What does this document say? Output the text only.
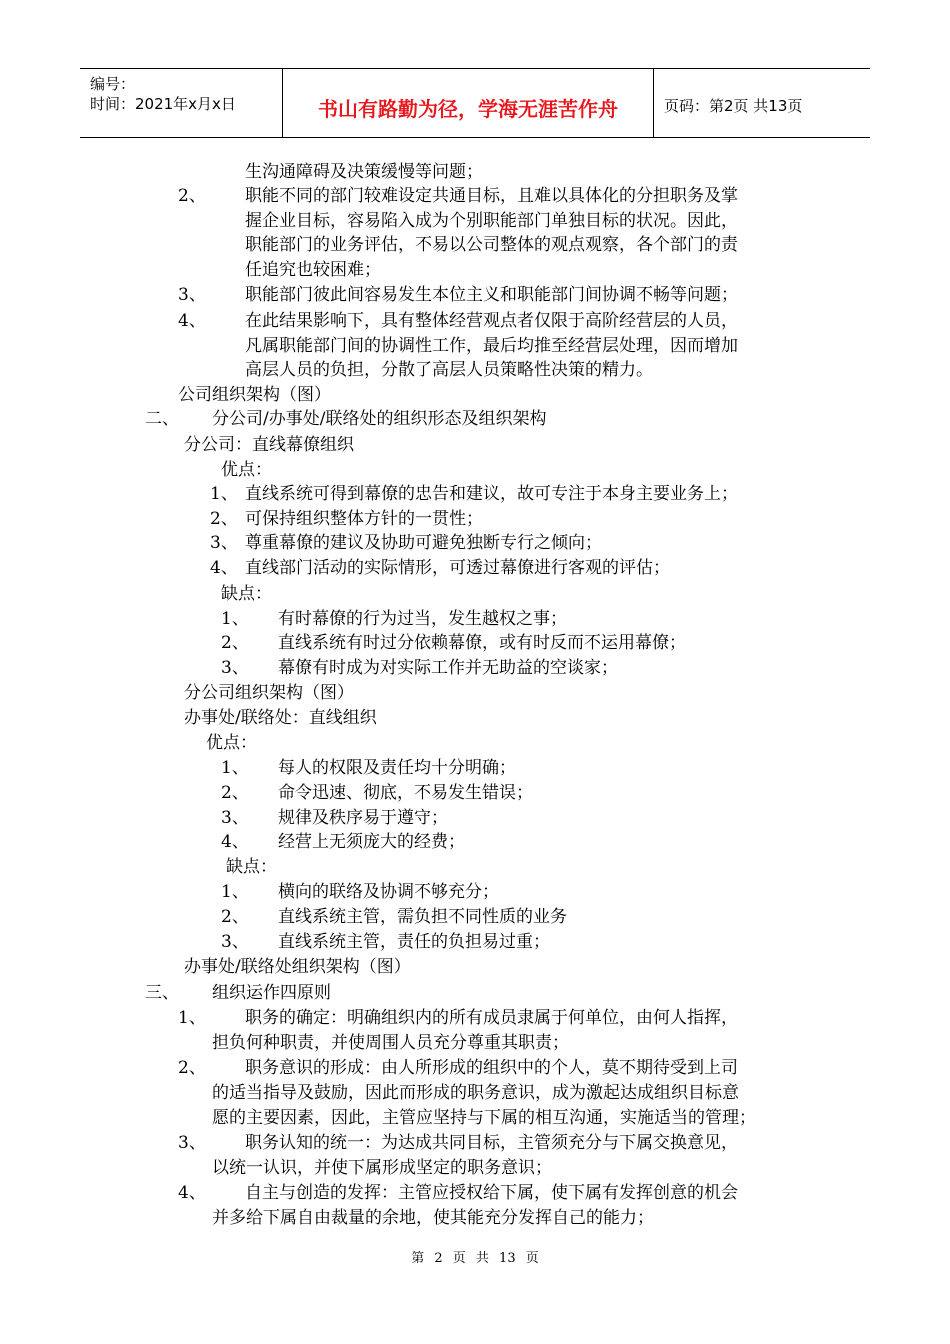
编号：
时间：2021年x月x日	书山有路勤为径，学海无涯苦作舟	页码：第2页 共13页
生沟通障碍及决策缓慢等问题；
2、 职能不同的部门较难设定共通目标，且难以具体化的分担职务及掌
握企业目标，容易陷入成为个别职能部门单独目标的状况。因此，
职能部门的业务评估，不易以公司整体的观点观察，各个部门的责
任追究也较困难；
3、 职能部门彼此间容易发生本位主义和职能部门间协调不畅等问题；
4、 在此结果影响下，具有整体经营观点者仅限于高阶经营层的人员，
凡属职能部门间的协调性工作，最后均推至经营层处理，因而增加
高层人员的负担，分散了高层人员策略性决策的精力。
公司组织架构（图）
二、 分公司/办事处/联络处的组织形态及组织架构
分公司：直线幕僚组织
优点：
1、 直线系统可得到幕僚的忠告和建议，故可专注于本身主要业务上；
2、 可保持组织整体方针的一贯性；
3、 尊重幕僚的建议及协助可避免独断专行之倾向；
4、 直线部门活动的实际情形，可透过幕僚进行客观的评估；
缺点：
1、 有时幕僚的行为过当，发生越权之事；
2、 直线系统有时过分依赖幕僚，或有时反而不运用幕僚；
3、 幕僚有时成为对实际工作并无助益的空谈家；
分公司组织架构（图）
办事处/联络处：直线组织
优点：
1、 每人的权限及责任均十分明确；
2、 命令迅速、彻底，不易发生错误；
3、 规律及秩序易于遵守；
4、 经营上无须庞大的经费；
缺点：
1、 横向的联络及协调不够充分；
2、 直线系统主管，需负担不同性质的业务
3、 直线系统主管，责任的负担易过重；
办事处/联络处组织架构（图）
三、 组织运作四原则
1、 职务的确定：明确组织内的所有成员隶属于何单位，由何人指挥，
担负何种职责，并使周围人员充分尊重其职责；
2、 职务意识的形成：由人所形成的组织中的个人，莫不期待受到上司
的适当指导及鼓励，因此而形成的职务意识，成为激起达成组织目标意
愿的主要因素，因此，主管应坚持与下属的相互沟通，实施适当的管理；
3、 职务认知的统一：为达成共同目标，主管须充分与下属交换意见，
以统一认识，并使下属形成坚定的职务意识；
4、 自主与创造的发挥：主管应授权给下属，使下属有发挥创意的机会
并多给下属自由裁量的余地，使其能充分发挥自己的能力；
第 2 页 共 13 页
